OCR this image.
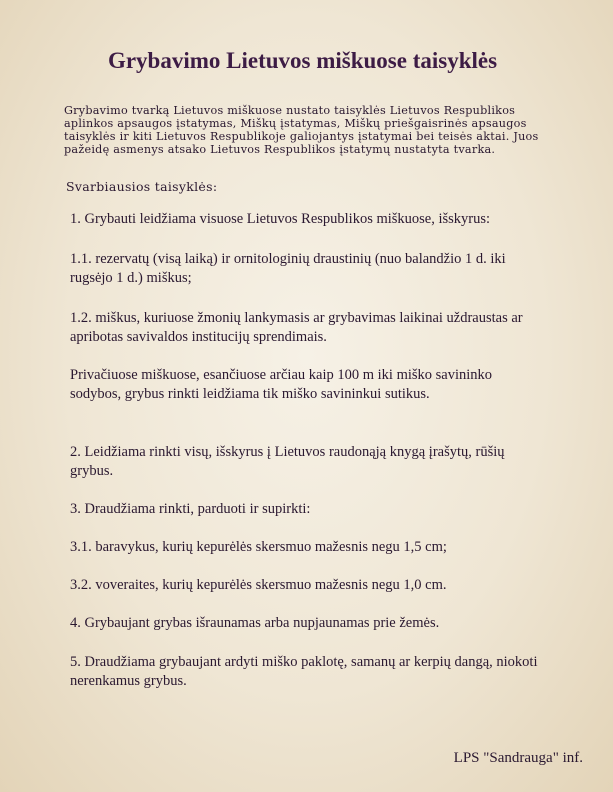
Grybavimo Lietuvos miškuose taisyklės
Grybavimo tvarką Lietuvos miškuose nustato taisyklės Lietuvos Respublikos aplinkos apsaugos įstatymas, Miškų įstatymas, Miškų priešgaisrinės apsaugos taisyklės ir kiti Lietuvos Respublikoje galiojantys įstatymai bei teisės aktai. Juos pažeidę asmenys atsako Lietuvos Respublikos įstatymų nustatyta tvarka.
Svarbiausios taisyklės:
1. Grybauti leidžiama visuose Lietuvos Respublikos miškuose, išskyrus:
1.1. rezervatų (visą laiką) ir ornitologinių draustinių (nuo balandžio 1 d. iki rugsėjo 1 d.) miškus;
1.2. miškus, kuriuose žmonių lankymasis ar grybavimas laikinai uždraustas ar apribotas savivaldos institucijų sprendimais.
Privačiuose miškuose, esančiuose arčiau kaip 100 m iki miško savininko sodybos, grybus rinkti leidžiama tik miško savininkui sutikus.
2. Leidžiama rinkti visų, išskyrus į Lietuvos raudonąją knygą įrašytų, rūšių grybus.
3. Draudžiama rinkti, parduoti ir supirkti:
3.1. baravykus, kurių kepurėlės skersmuo mažesnis negu 1,5 cm;
3.2. voveraites, kurių kepurėlės skersmuo mažesnis negu 1,0 cm.
4. Grybaujant grybas išraunamas arba nupjaunamas prie žemės.
5. Draudžiama grybaujant ardyti miško paklotę, samanų ar kerpių dangą, niokoti nerenkamus grybus.
LPS "Sandrauga" inf.
